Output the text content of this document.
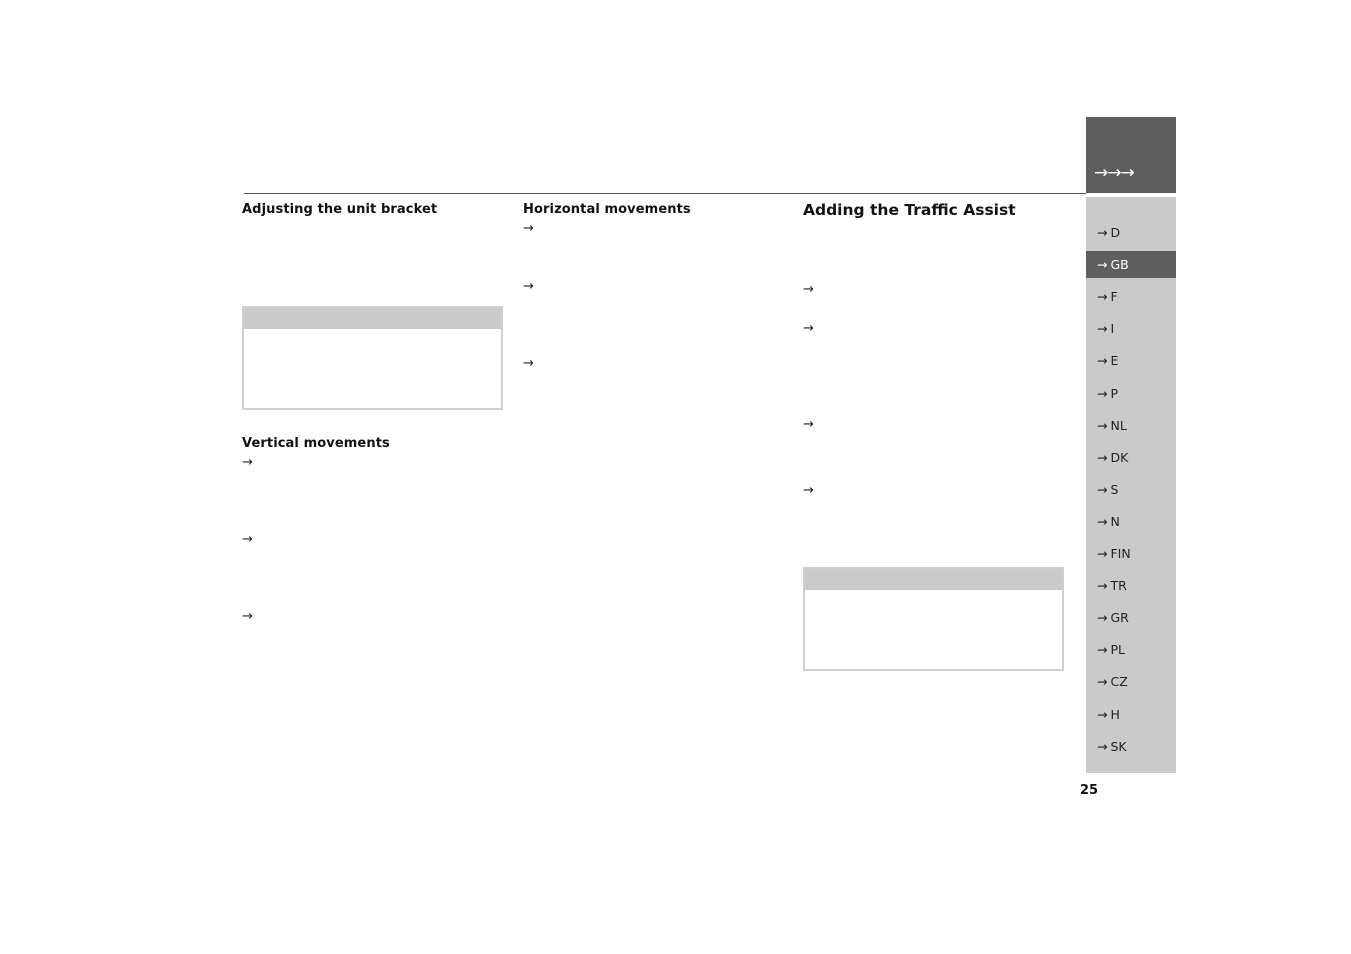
Adjusting the unit bracket
Vertical movements
→
→
→
Horizontal movements
→
→
→
Adding the Traffic Assist
→
→
→
→
→→→
→ D
→ GB
→ F
→ I
→ E
→ P
→ NL
→ DK
→ S
→ N
→ FIN
→ TR
→ GR
→ PL
→ CZ
→ H
→ SK
25
